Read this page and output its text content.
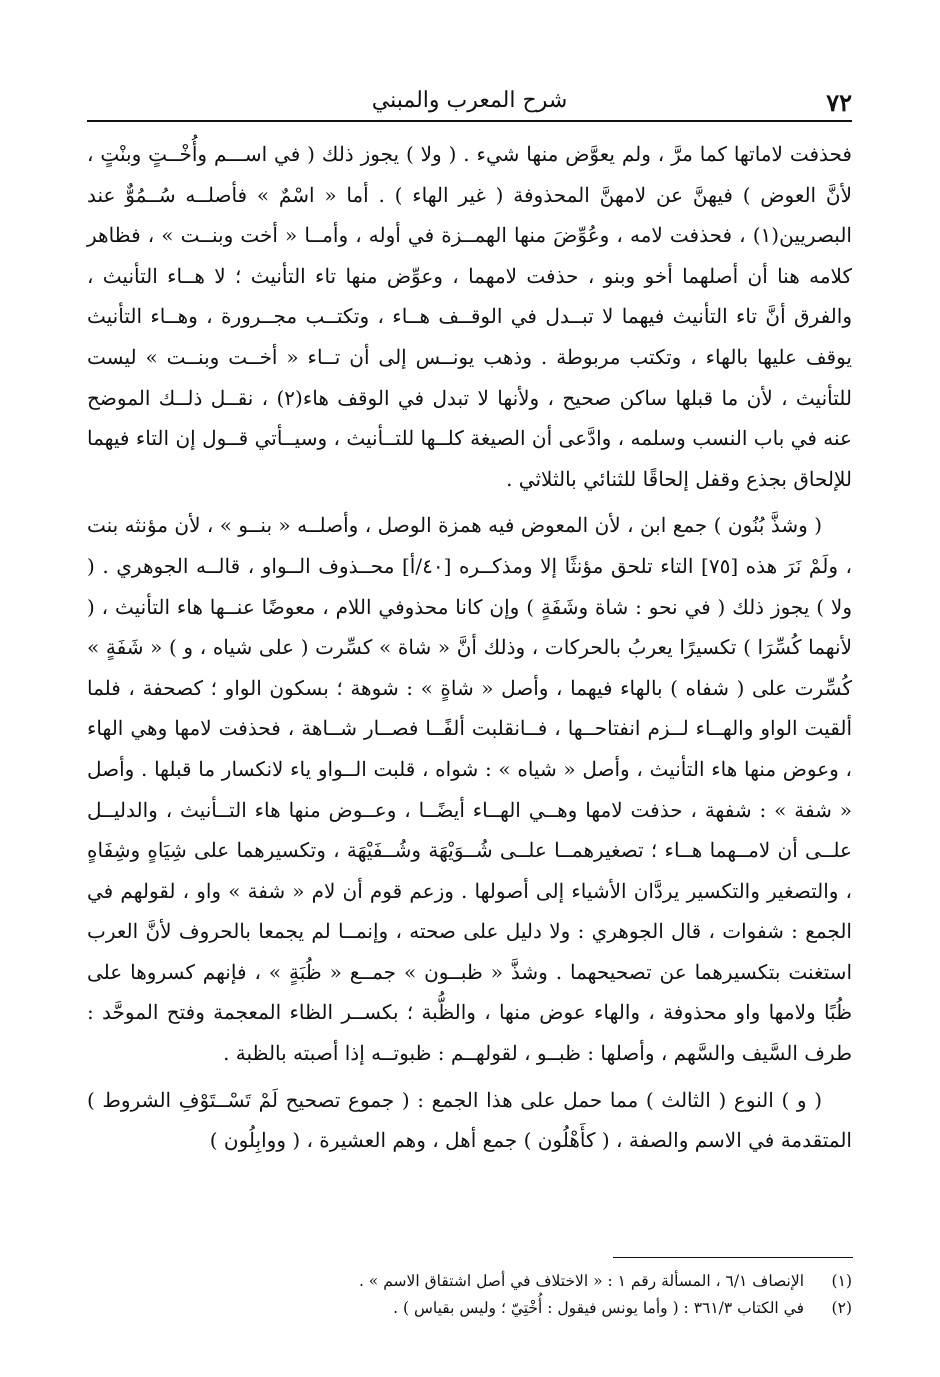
٧٢
شرح المعرب والمبني

فحذفت لاماتها كما مرَّ ، ولم يعوَّض منها شيء . ( ولا ) يجوز ذلك ( في اســـم وأُخْــتٍ وبنْتٍ ، لأنَّ العوض ) فيهنَّ عن لامهنَّ المحذوفة ( غير الهاء ) . أما « اسْمٌ » فأصلــه سُــمُوٌّ عند البصريين(١) ، فحذفت لامه ، وعُوِّضَ منها الهمــزة في أوله ، وأمــا « أخت وبنــت » ، فظاهر كلامه هنا أن أصلهما أخو وبنو ، حذفت لامهما ، وعوِّض منها تاء التأنيث ؛ لا هــاء التأنيث ، والفرق أنَّ تاء التأنيث فيهما لا تبــدل في الوقــف هــاء ، وتكتــب مجــرورة ، وهــاء التأنيث يوقف عليها بالهاء ، وتكتب مربوطة . وذهب يونــس إلى أن تــاء « أخــت وبنــت » ليست للتأنيث ، لأن ما قبلها ساكن صحيح ، ولأنها لا تبدل في الوقف هاء(٢) ، نقــل ذلــك الموضح عنه في باب النسب وسلمه ، وادَّعى أن الصيغة كلــها للتــأنيث ، وسيــأتي قــول إن التاء فيهما للإلحاق بجذع وقفل إلحاقًا للثنائي بالثلاثي .

( وشذَّ بُنُون ) جمع ابن ، لأن المعوض فيه همزة الوصل ، وأصلــه « بنــو » ، لأن مؤنثه بنت ، ولَمْ نَرَ هذه [٧٥] التاء تلحق مؤنثًا إلا ومذكــره [٤٠/أ] محــذوف الــواو ، قالــه الجوهري . ( ولا ) يجوز ذلك ( في نحو : شاة وشَفَةٍ ) وإن كانا محذوفي اللام ، معوضًا عنــها هاء التأنيث ، ( لأنهما كُسِّرَا ) تكسيرًا يعربُ بالحركات ، وذلك أنَّ « شاة » كسِّرت ( على شياه ، و ) « شَفَةٍ » كُسِّرت على ( شفاه ) بالهاء فيهما ، وأصل « شاةٍ » : شوهة ؛ بسكون الواو ؛ كصحفة ، فلما ألقيت الواو والهــاء لــزم انفتاحــها ، فــانقلبت ألفًــا فصــار شــاهة ، فحذفت لامها وهي الهاء ، وعوض منها هاء التأنيث ، وأصل « شياه » : شواه ، قلبت الــواو ياء لانكسار ما قبلها . وأصل « شفة » : شفهة ، حذفت لامها وهــي الهــاء أيضًــا ، وعــوض منها هاء التــأنيث ، والدليــل علــى أن لامــهما هــاء ؛ تصغيرهمــا علــى شُــوَيْهَة وشُــفَيْهَة ، وتكسيرهما على شِيَاهٍ وشِفَاهٍ ، والتصغير والتكسير يردَّان الأشياء إلى أصولها . وزعم قوم أن لام « شفة » واو ، لقولهم في الجمع : شفوات ، قال الجوهري : ولا دليل على صحته ، وإنمــا لم يجمعا بالحروف لأنَّ العرب استغنت بتكسيرهما عن تصحيحهما . وشذَّ « ظبــون » جمــع « ظُبَةٍ » ، فإنهم كسروها على ظُبًا ولامها واو محذوفة ، والهاء عوض منها ، والظُّبة ؛ بكســر الظاء المعجمة وفتح الموحَّد : طرف السَّيف والسَّهم ، وأصلها : ظبــو ، لقولهــم : ظبوتــه إذا أصبته بالظبة .

( و ) النوع ( الثالث ) مما حمل على هذا الجمع : ( جموع تصحيح لَمْ تَسْــتَوْفِ الشروط ) المتقدمة في الاسم والصفة ، ( كأَهْلُون ) جمع أهل ، وهم العشيرة ، ( ووابِلُون )

(١)
الإنصاف ٦/١ ، المسألة رقم ١ : « الاختلاف في أصل اشتقاق الاسم » .
(٢)
في الكتاب ٣٦١/٣ : ( وأما يونس فيقول : أُخْتِيّ ؛ وليس بقياس ) .
